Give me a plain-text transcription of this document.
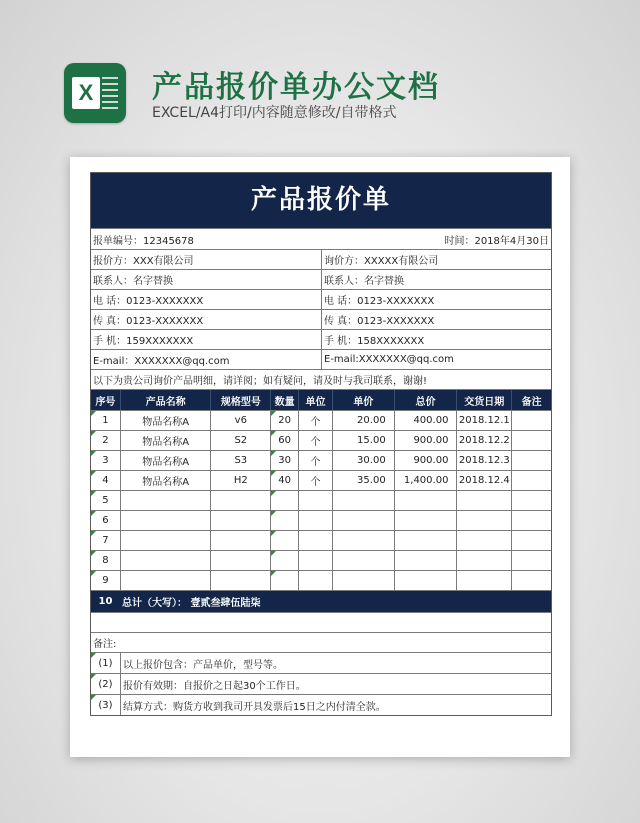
X 产品报价单办公文档
EXCEL/A4打印/内容随意修改/自带格式
产品报价单
报单编号：12345678	时间：2018年4月30日
报价方：XXX有限公司	询价方：XXXXX有限公司
联系人：名字替换	联系人：名字替换
电 话：0123-XXXXXXX	电 话：0123-XXXXXXX
传 真：0123-XXXXXXX	传 真：0123-XXXXXXX
手 机：159XXXXXXX	手 机：158XXXXXXX
E-mail：XXXXXXX@qq.com	E-mail:XXXXXXX@qq.com
以下为贵公司询价产品明细，请详阅；如有疑问，请及时与我司联系，谢谢!
序号	产品名称	规格型号	数量	单位	单价	总价	交货日期	备注
1	物品名称A	v6	20	个	20.00	400.00	2018.12.1
2	物品名称A	S2	60	个	15.00	900.00	2018.12.2
3	物品名称A	S3	30	个	30.00	900.00	2018.12.3
4	物品名称A	H2	40	个	35.00	1,400.00	2018.12.4
5
6
7
8
9
10 总计（大写）： 壹贰叁肆伍陆柒
备注:
(1)	以上报价包含：产品单价，型号等。
(2)	报价有效期：自报价之日起30个工作日。
(3)	结算方式：购货方收到我司开具发票后15日之内付清全款。
